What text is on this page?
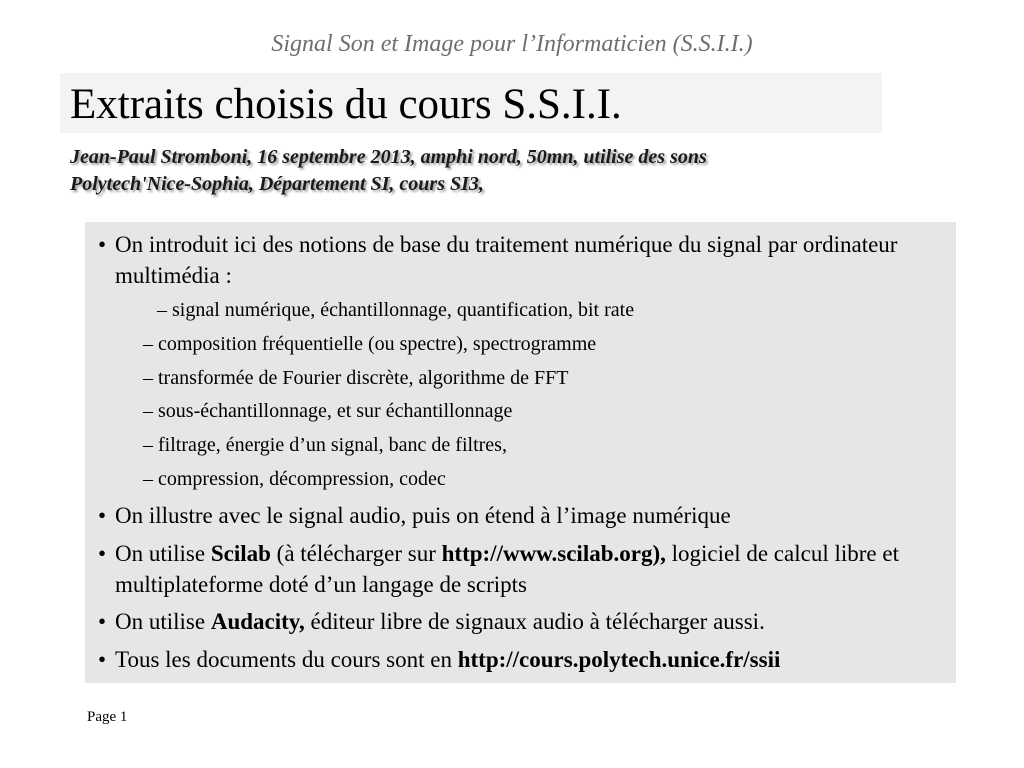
Signal Son et Image pour l’Informaticien (S.S.I.I.)
Extraits choisis du cours S.S.I.I.
Jean-Paul Stromboni, 16 septembre 2013, amphi nord, 50mn, utilise des sons
Polytech'Nice-Sophia, Département SI, cours SI3,
• On introduit ici des notions de base du traitement numérique du signal par ordinateur multimédia :
– signal numérique, échantillonnage, quantification, bit rate
– composition fréquentielle (ou spectre), spectrogramme
– transformée de Fourier discrète, algorithme de FFT
– sous-échantillonnage, et sur échantillonnage
– filtrage, énergie d’un signal, banc de filtres,
– compression, décompression, codec
• On illustre avec le signal audio, puis on étend à l’image numérique
• On utilise Scilab (à télécharger sur http://www.scilab.org), logiciel de calcul libre et multiplateforme doté d’un langage de scripts
• On utilise Audacity, éditeur libre de signaux audio à télécharger aussi.
• Tous les documents du cours sont en http://cours.polytech.unice.fr/ssii
Page 1
